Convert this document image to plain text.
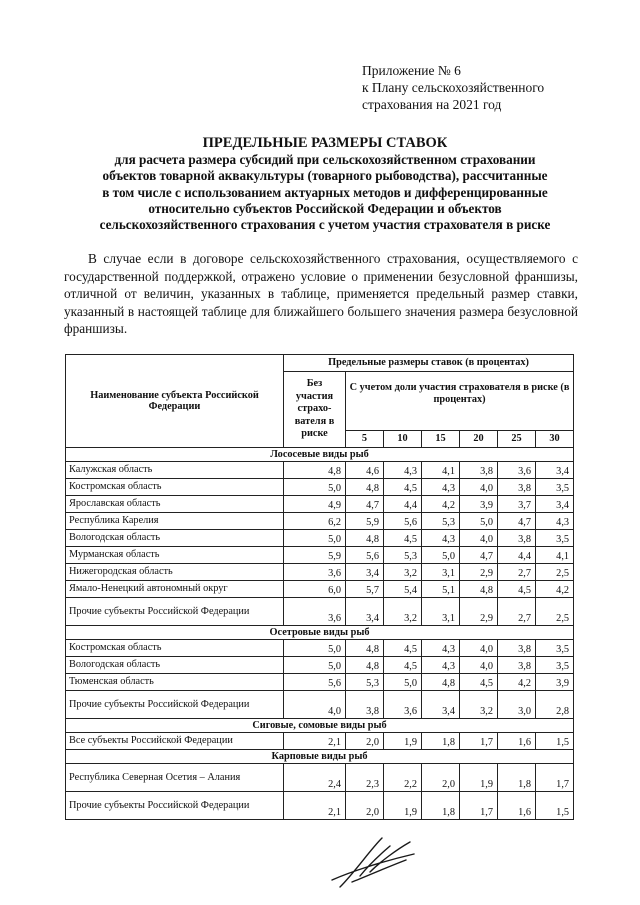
Приложение № 6
к Плану сельскохозяйственного
страхования на 2021 год
ПРЕДЕЛЬНЫЕ РАЗМЕРЫ СТАВОК
для расчета размера субсидий при сельскохозяйственном страховании
объектов товарной аквакультуры (товарного рыбоводства), рассчитанные
в том числе с использованием актуарных методов и дифференцированные
относительно субъектов Российской Федерации и объектов
сельскохозяйственного страхования с учетом участия страхователя в риске
В случае если в договоре сельскохозяйственного страхования, осуществляемого с государственной поддержкой, отражено условие о применении безусловной франшизы, отличной от величин, указанных в таблице, применяется предельный размер ставки, указанный в настоящей таблице для ближайшего большего значения размера безусловной франшизы.
Наименование субъекта Российской Федерации	Предельные размеры ставок (в процентах)						
	Без участия страхо-вателя в риске	С учетом доли участия страхователя в риске (в процентах)					
		5	10	15	20	25	30
Лососевые виды рыб							
Калужская область	4,8	4,6	4,3	4,1	3,8	3,6	3,4
Костромская область	5,0	4,8	4,5	4,3	4,0	3,8	3,5
Ярославская область	4,9	4,7	4,4	4,2	3,9	3,7	3,4
Республика Карелия	6,2	5,9	5,6	5,3	5,0	4,7	4,3
Вологодская область	5,0	4,8	4,5	4,3	4,0	3,8	3,5
Мурманская область	5,9	5,6	5,3	5,0	4,7	4,4	4,1
Нижегородская область	3,6	3,4	3,2	3,1	2,9	2,7	2,5
Ямало-Ненецкий автономный округ	6,0	5,7	5,4	5,1	4,8	4,5	4,2
Прочие субъекты Российской Федерации	3,6	3,4	3,2	3,1	2,9	2,7	2,5
Осетровые виды рыб							
Костромская область	5,0	4,8	4,5	4,3	4,0	3,8	3,5
Вологодская область	5,0	4,8	4,5	4,3	4,0	3,8	3,5
Тюменская область	5,6	5,3	5,0	4,8	4,5	4,2	3,9
Прочие субъекты Российской Федерации	4,0	3,8	3,6	3,4	3,2	3,0	2,8
Сиговые, сомовые виды рыб							
Все субъекты Российской Федерации	2,1	2,0	1,9	1,8	1,7	1,6	1,5
Карповые виды рыб							
Республика Северная Осетия – Алания	2,4	2,3	2,2	2,0	1,9	1,8	1,7
Прочие субъекты Российской Федерации	2,1	2,0	1,9	1,8	1,7	1,6	1,5
